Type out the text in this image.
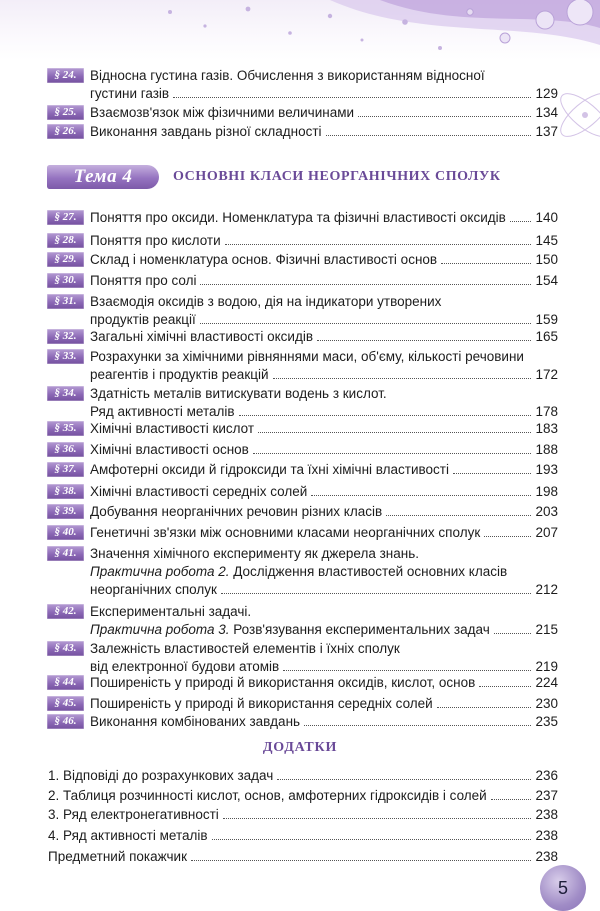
§ 24.	Відносна густина газів. Обчислення з використанням відносної
густини газів	129
§ 25.	Взаємозв'язок між фізичними величинами	134
§ 26.	Виконання завдань різної складності	137
Тема 4	ОСНОВНІ КЛАСИ НЕОРГАНІЧНИХ СПОЛУК
§ 27.	Поняття про оксиди. Номенклатура та фізичні властивості оксидів 140
§ 28.	Поняття про кислоти	145
§ 29.	Склад і номенклатура основ. Фізичні властивості основ	150
§ 30.	Поняття про солі	154
§ 31.	Взаємодія оксидів з водою, дія на індикатори утворених
продуктів реакції	159
§ 32.	Загальні хімічні властивості оксидів	165
§ 33.	Розрахунки за хімічними рівняннями маси, об'єму, кількості речовини
реагентів і продуктів реакцій	172
§ 34.	Здатність металів витискувати водень з кислот.
Ряд активності металів	178
§ 35.	Хімічні властивості кислот	183
§ 36.	Хімічні властивості основ	188
§ 37.	Амфотерні оксиди й гідроксиди та їхні хімічні властивості	193
§ 38.	Хімічні властивості середніх солей	198
§ 39.	Добування неорганічних речовин різних класів	203
§ 40.	Генетичні зв'язки між основними класами неорганічних сполук	207
§ 41.	Значення хімічного експерименту як джерела знань.
Практична робота 2. Дослідження властивостей основних класів
неорганічних сполук	212
§ 42.	Експериментальні задачі.
Практична робота 3. Розв'язування експериментальних задач	215
§ 43.	Залежність властивостей елементів і їхніх сполук
від електронної будови атомів	219
§ 44.	Поширеність у природі й використання оксидів, кислот, основ	224
§ 45.	Поширеність у природі й використання середніх солей	230
§ 46.	Виконання комбінованих завдань	235
ДОДАТКИ
1. Відповіді до розрахункових задач	236
2. Таблиця розчинності кислот, основ, амфотерних гідроксидів і солей	237
3. Ряд електронегативності	238
4. Ряд активності металів	238
Предметний покажчик	238
5
